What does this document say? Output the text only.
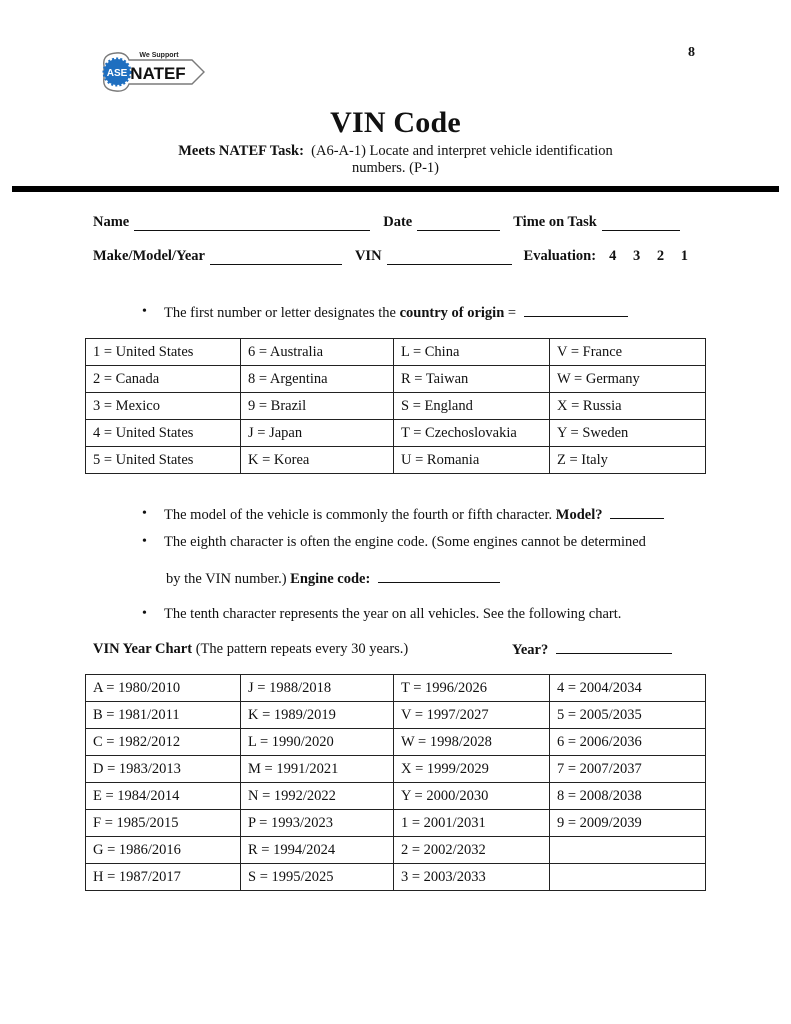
ASE
We Support
NATEF
8
VIN Code
Meets NATEF Task: (A6-A-1) Locate and interpret vehicle identification
numbers. (P-1)
Name	Date	Time on Task
Make/Model/Year	VIN	Evaluation: 4 3 2 1
• The first number or letter designates the country of origin =
1 = United States	6 = Australia	L = China	V = France
2 = Canada	8 = Argentina	R = Taiwan	W = Germany
3 = Mexico	9 = Brazil	S = England	X = Russia
4 = United States	J = Japan	T = Czechoslovakia	Y = Sweden
5 = United States	K = Korea	U = Romania	Z = Italy
• The model of the vehicle is commonly the fourth or fifth character. Model?
• The eighth character is often the engine code. (Some engines cannot be determined
by the VIN number.) Engine code:
• The tenth character represents the year on all vehicles. See the following chart.
VIN Year Chart (The pattern repeats every 30 years.)	Year?
A = 1980/2010	J = 1988/2018	T = 1996/2026	4 = 2004/2034
B = 1981/2011	K = 1989/2019	V = 1997/2027	5 = 2005/2035
C = 1982/2012	L = 1990/2020	W = 1998/2028	6 = 2006/2036
D = 1983/2013	M = 1991/2021	X = 1999/2029	7 = 2007/2037
E = 1984/2014	N = 1992/2022	Y = 2000/2030	8 = 2008/2038
F = 1985/2015	P = 1993/2023	1 = 2001/2031	9 = 2009/2039
G = 1986/2016	R = 1994/2024	2 = 2002/2032	
H = 1987/2017	S = 1995/2025	3 = 2003/2033	
